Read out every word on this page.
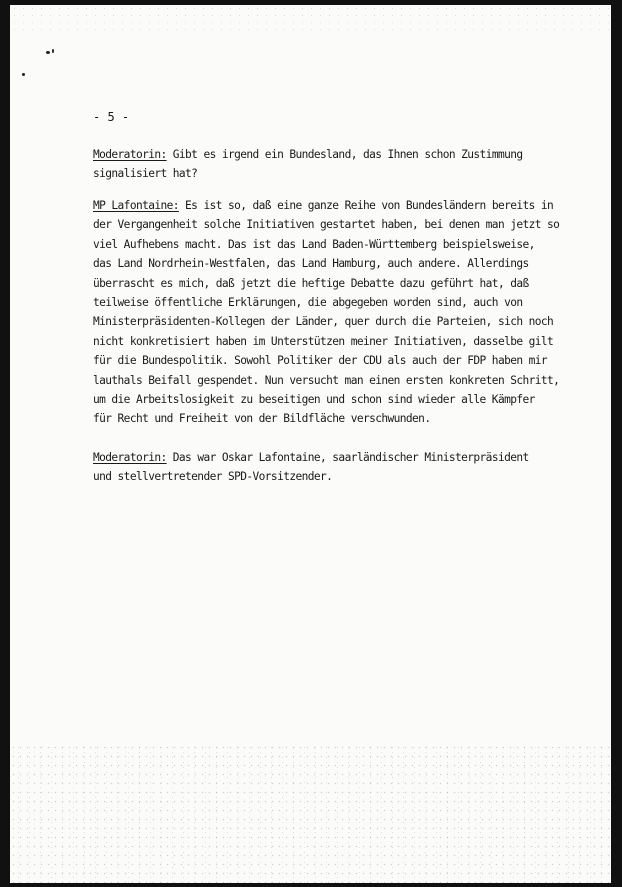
- 5 -
Moderatorin: Gibt es irgend ein Bundesland, das Ihnen schon Zustimmung
signalisiert hat?
MP Lafontaine: Es ist so, daß eine ganze Reihe von Bundesländern bereits in
der Vergangenheit solche Initiativen gestartet haben, bei denen man jetzt so
viel Aufhebens macht. Das ist das Land Baden-Württemberg beispielsweise,
das Land Nordrhein-Westfalen, das Land Hamburg, auch andere. Allerdings
überrascht es mich, daß jetzt die heftige Debatte dazu geführt hat, daß
teilweise öffentliche Erklärungen, die abgegeben worden sind, auch von
Ministerpräsidenten-Kollegen der Länder, quer durch die Parteien, sich noch
nicht konkretisiert haben im Unterstützen meiner Initiativen, dasselbe gilt
für die Bundespolitik. Sowohl Politiker der CDU als auch der FDP haben mir
lauthals Beifall gespendet. Nun versucht man einen ersten konkreten Schritt,
um die Arbeitslosigkeit zu beseitigen und schon sind wieder alle Kämpfer
für Recht und Freiheit von der Bildfläche verschwunden.
Moderatorin: Das war Oskar Lafontaine, saarländischer Ministerpräsident
und stellvertretender SPD-Vorsitzender.
